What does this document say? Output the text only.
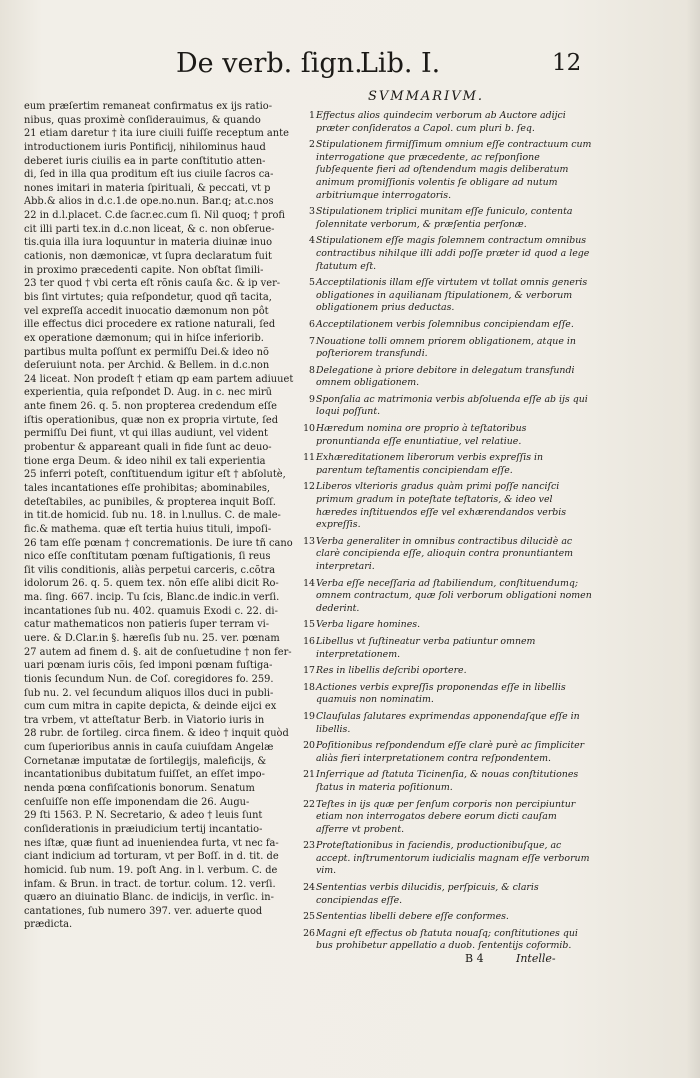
De verb. ſign.
Lib. I.	12
SVMMARIVM.
eum præſertim remaneat confirmatus ex ijs ratio-
nibus, quas proximè conſiderauimus, & quando
21 etiam daretur † ita iure ciuili fuiſſe receptum ante
introductionem iuris Pontificij, nihilominus haud
deberet iuris ciuilis ea in parte conſtitutio atten-
di, ſed in illa qua proditum eſt ius ciuile ſacros ca-
nones imitari in materia ſpirituali, & peccati, vt p
Abb.& alios in d.c.1.de ope.no.nun. Bar.q; at.c.nos
22 in d.l.placet. C.de ſacr.ec.cum ſi. Nil quoq; † profi
cit illi parti tex.in d.c.non liceat, & c. non obſerue-
tis.quia illa iura loquuntur in materia diuinæ inuo
cationis, non dæmonicæ, vt ſupra declaratum fuit
in proximo præcedenti capite. Non obſtat ſimili-
23 ter quod † vbi certa eſt rõnis cauſa &c. & ip ver-
bis ſint virtutes; quia reſpondetur, quod qñ tacita,
vel expreſſa accedit inuocatio dæmonum non pôt
ille effectus dici procedere ex ratione naturali, ſed
ex operatione dæmonum; qui in hiſce inferiorib.
partibus multa poſſunt ex permiſſu Dei.& ideo nõ
deſeruiunt nota. per Archid. & Bellem. in d.c.non
24 liceat. Non prodeſt † etiam qp eam partem adiuuet
experientia, quia reſpondet D. Aug. in c. nec mirū
ante finem 26. q. 5. non propterea credendum eſſe
iſtis operationibus, quæ non ex propria virtute, ſed
permiſſu Dei fiunt, vt qui illas audiunt, vel vident
probentur & appareant quali in fide ſunt ac deuo-
tione erga Deum. & ideo nihil ex tali experientia
25 inferri poteſt, conſtituendum igitur eſt † abſolutè,
tales incantationes eſſe prohibitas; abominabiles,
deteſtabiles, ac punibiles, & propterea inquit Boſſ.
in tit.de homicid. ſub nu. 18. in l.nullus. C. de male-
fic.& mathema. quæ eſt tertia huius tituli, impoſi-
26 tam eſſe pœnam † concremationis. De iure tñ cano
nico eſſe conſtitutam pœnam fuſtigationis, ſi reus
ſit vilis conditionis, aliàs perpetui carceris, c.cõtra
idolorum 26. q. 5. quem tex. nõn eſſe alibi dicit Ro-
ma. ſing. 667. incip. Tu ſcis, Blanc.de indic.in verſi.
incantationes ſub nu. 402. quamuis Exodi c. 22. di-
catur mathematicos non patieris ſuper terram vi-
uere. & D.Clar.in §. hæreſis ſub nu. 25. ver. pœnam
27 autem ad finem d. §. ait de conſuetudine † non fer-
uari pœnam iuris cõis, ſed imponi pœnam fuſtiga-
tionis ſecundum Nun. de Coſ. coregidores fo. 259.
ſub nu. 2. vel ſecundum aliquos illos duci in publi-
cum cum mitra in capite depicta, & deinde eijci ex
tra vrbem, vt atteſtatur Berb. in Viatorio iuris in
28 rubr. de ſortileg. circa finem. & ideo † inquit quòd
cum ſuperioribus annis in cauſa cuiuſdam Angelæ
Cornetanæ imputatæ de ſortilegijs, maleficijs, &
incantationibus dubitatum fuiſſet, an eſſet impo-
nenda pœna confiſcationis bonorum. Senatum
cenſuiſſe non eſſe imponendam die 26. Augu-
29 ſti 1563. P. N. Secretario, & adeo † leuis ſunt
conſiderationis in præiudicium tertij incantatio-
nes iſtæ, quæ fiunt ad inueniendea furta, vt nec fa-
ciant indicium ad torturam, vt per Boſſ. in d. tit. de
homicid. ſub num. 19. poſt Ang. in l. verbum. C. de
infam. & Brun. in tract. de tortur. colum. 12. verſi.
quæro an diuinatio Blanc. de indicijs, in verſic. in-
cantationes, ſub numero 397. ver. aduerte quod
prædicta.
1 Effectus alios quindecim verborum ab Auctore adijci præter conſideratos a Capol. cum pluri b. ſeq.
2 Stipulationem firmiſſimum omnium eſſe contractuum cum interrogatione que præcedente, ac reſponſione ſubſequente fieri ad oſtendendum magis deliberatum animum promiſſionis volentis ſe obligare ad nutum arbitriumque interrogatoris.
3 Stipulationem triplici munitam eſſe funiculo, contenta ſolennitate verborum, & præſentia perſonæ.
4 Stipulationem eſſe magis ſolemnem contractum omnibus contractibus nihilque illi addi poſſe præter id quod a lege ſtatutum eſt.
5 Acceptilationis illam eſſe virtutem vt tollat omnis generis obligationes in aquilianam ſtipulationem, & verborum obligationem prius deductas.
6 Acceptilationem verbis ſolemnibus concipiendam eſſe.
7 Nouatione tolli omnem priorem obligationem, atque in poſteriorem transfundi.
8 Delegatione à priore debitore in delegatum transfundi omnem obligationem.
9 Sponſalia ac matrimonia verbis abſoluenda eſſe ab ijs qui loqui poſſunt.
10 Hæredum nomina ore proprio à teſtatoribus pronuntianda eſſe enuntiatiue, vel relatiue.
11 Exhæreditationem liberorum verbis expreſſis in parentum teſtamentis concipiendam eſſe.
12 Liberos vlterioris gradus quàm primi poſſe nanciſci primum gradum in poteſtate teſtatoris, & ideo vel hæredes inſtituendos eſſe vel exhærendandos verbis expreſſis.
13 Verba generaliter in omnibus contractibus dilucidè ac clarè concipienda eſſe, alioquin contra pronuntiantem interpretari.
14 Verba eſſe neceſſaria ad ſtabiliendum, conſtituendumq; omnem contractum, quæ ſoli verborum obligationi nomen dederint.
15 Verba ligare homines.
16 Libellus vt ſuſtineatur verba patiuntur omnem interpretationem.
17 Res in libellis deſcribi oportere.
18 Actiones verbis expreſſis proponendas eſſe in libellis quamuis non nominatim.
19 Clauſulas ſalutares exprimendas apponendaſque eſſe in libellis.
20 Poſitionibus reſpondendum eſſe clarè purè ac ſimpliciter aliàs fieri interpretationem contra reſpondentem.
21 Inſerrique ad ſtatuta Ticinenſia, & nouas conſtitutiones ſtatus in materia poſitionum.
22 Teſtes in ijs quæ per ſenſum corporis non percipiuntur etiam non interrogatos debere eorum dicti cauſam aſferre vt probent.
23 Proteſtationibus in faciendis, productionibuſque, ac accept. inſtrumentorum iudicialis magnam eſſe verborum vim.
24 Sententias verbis dilucidis, perſpicuis, & claris concipiendas eſſe.
25 Sententias libelli debere eſſe conformes.
26 Magni eſt effectus ob ſtatuta nouaſq; conſtitutiones qui bus prohibetur appellatio a duob. ſententijs coformib.
B 4	Intelle-
